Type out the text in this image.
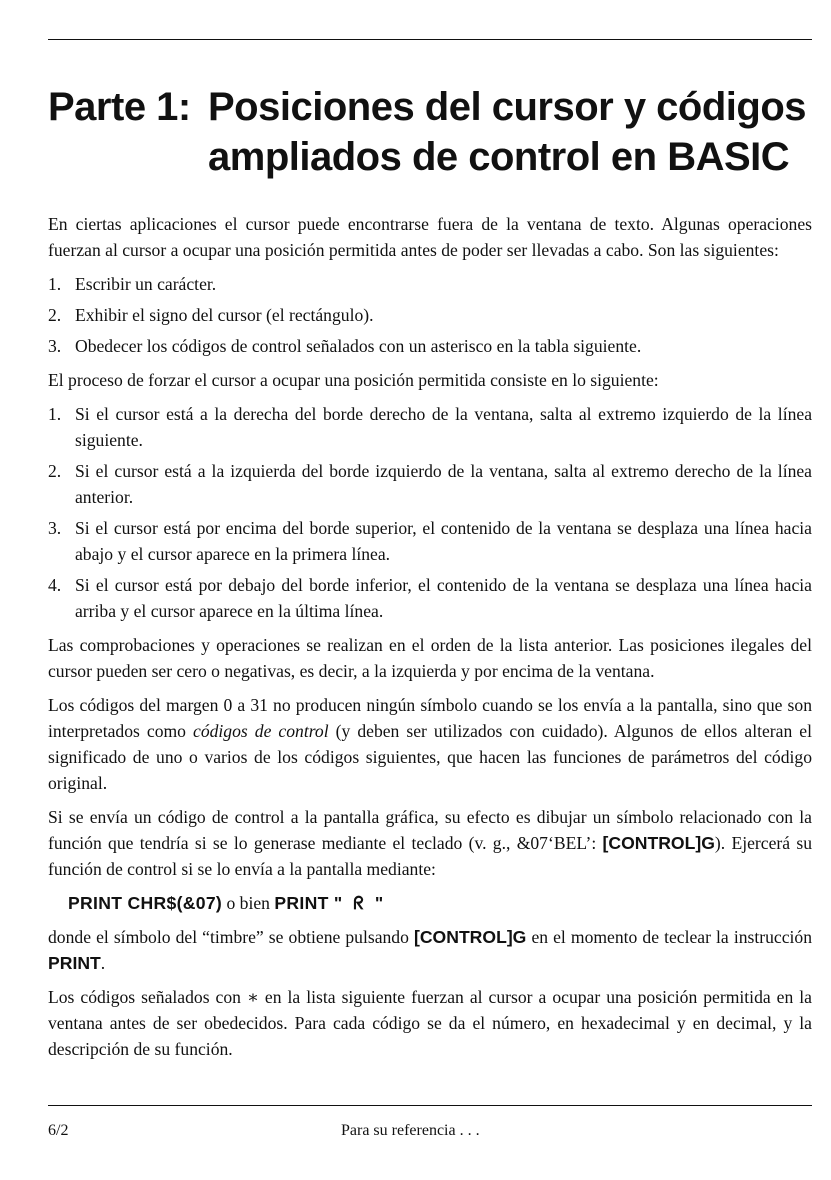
Parte 1: Posiciones del cursor y códigos
ampliados de control en BASIC

En ciertas aplicaciones el cursor puede encontrarse fuera de la ventana de texto. Algunas operaciones fuerzan al cursor a ocupar una posición permitida antes de poder ser llevadas a cabo. Son las siguientes:

1. Escribir un carácter.
2. Exhibir el signo del cursor (el rectángulo).
3. Obedecer los códigos de control señalados con un asterisco en la tabla siguiente.

El proceso de forzar el cursor a ocupar una posición permitida consiste en lo siguiente:

1. Si el cursor está a la derecha del borde derecho de la ventana, salta al extremo izquierdo de la línea siguiente.
2. Si el cursor está a la izquierda del borde izquierdo de la ventana, salta al extremo derecho de la línea anterior.
3. Si el cursor está por encima del borde superior, el contenido de la ventana se desplaza una línea hacia abajo y el cursor aparece en la primera línea.
4. Si el cursor está por debajo del borde inferior, el contenido de la ventana se desplaza una línea hacia arriba y el cursor aparece en la última línea.

Las comprobaciones y operaciones se realizan en el orden de la lista anterior. Las posiciones ilegales del cursor pueden ser cero o negativas, es decir, a la izquierda y por encima de la ventana.

Los códigos del margen 0 a 31 no producen ningún símbolo cuando se los envía a la pantalla, sino que son interpretados como códigos de control (y deben ser utilizados con cuidado). Algunos de ellos alteran el significado de uno o varios de los códigos siguientes, que hacen las funciones de parámetros del código original.

Si se envía un código de control a la pantalla gráfica, su efecto es dibujar un símbolo relacionado con la función que tendría si se lo generase mediante el teclado (v. g., &07‘BEL’: [CONTROL]G). Ejercerá su función de control si se lo envía a la pantalla mediante:

PRINT CHR$(&07) o bien PRINT " ᖇ "

donde el símbolo del “timbre” se obtiene pulsando [CONTROL]G en el momento de teclear la instrucción PRINT.

Los códigos señalados con ∗ en la lista siguiente fuerzan al cursor a ocupar una posición permitida en la ventana antes de ser obedecidos. Para cada código se da el número, en hexadecimal y en decimal, y la descripción de su función.

6/2	Para su referencia . . .
